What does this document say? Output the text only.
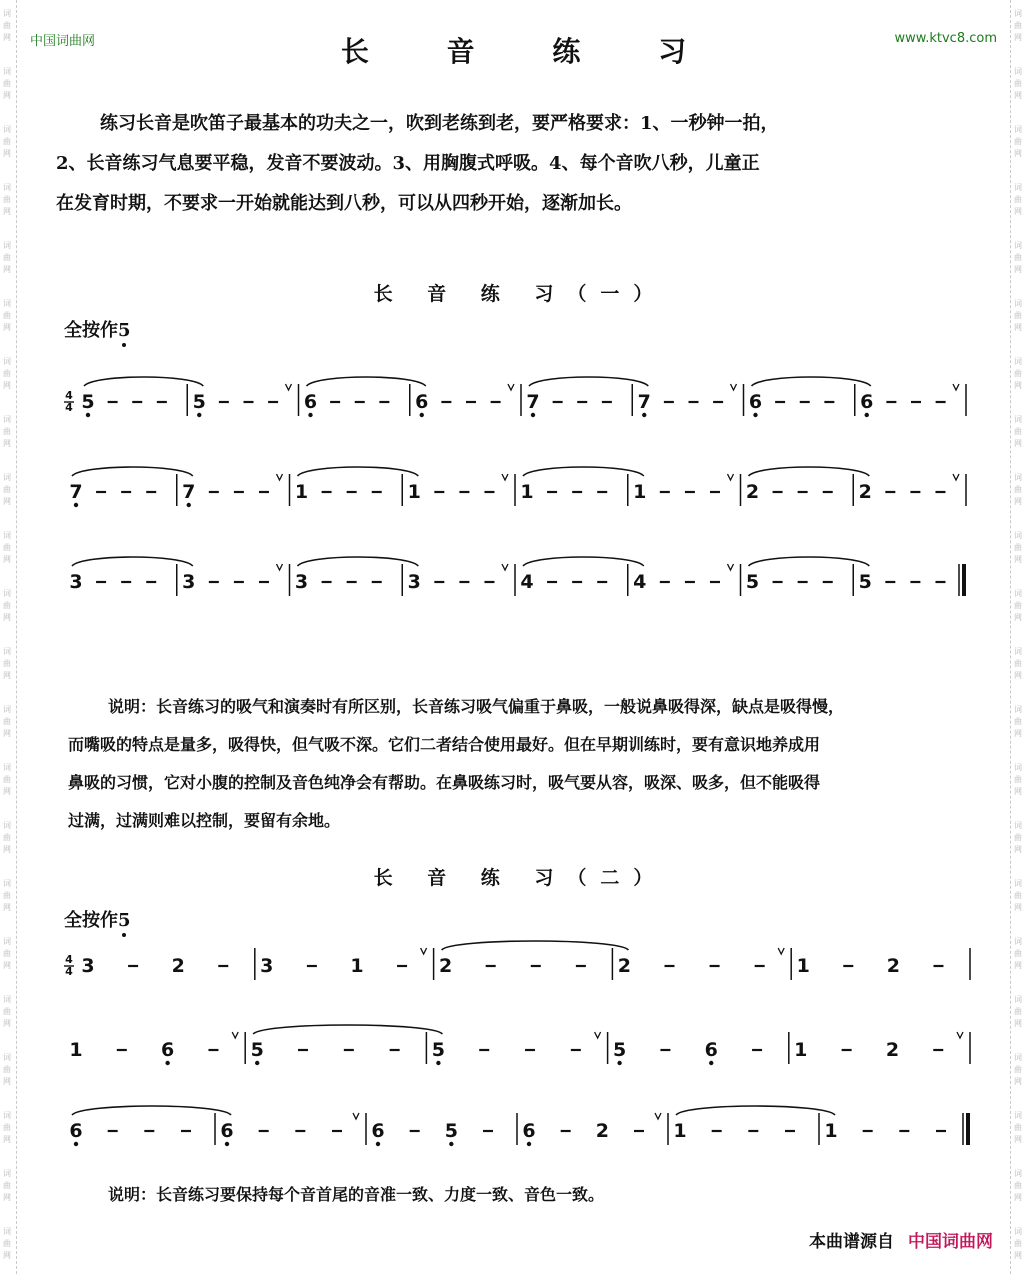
词
曲
网
词
曲
网
词
曲
网
词
曲
网
词
曲
网
词
曲
网
词
曲
网
词
曲
网
词
曲
网
词
曲
网
词
曲
网
词
曲
网
词
曲
网
词
曲
网
词
曲
网
词
曲
网
词
曲
网
词
曲
网
词
曲
网
词
曲
网
词
曲
网
词
曲
网
词
曲
网
词
曲
网
词
曲
网
词
曲
网
词
曲
网
词
曲
网
词
曲
网
词
曲
网
词
曲
网
词
曲
网
词
曲
网
词
曲
网
词
曲
网
词
曲
网
词
曲
网
词
曲
网
词
曲
网
词
曲
网
词
曲
网
词
曲
网
词
曲
网
词
曲
网
中国词曲网	www.ktvc8.com
长 音 练 习

练习长音是吹笛子最基本的功夫之一，吹到老练到老，要严格要求：1、一秒钟一拍，

2、长音练习气息要平稳，发音不要波动。3、用胸腹式呼吸。4、每个音吹八秒，儿童正

在发育时期，不要求一开始就能达到八秒，可以从四秒开始，逐渐加长。

长 音 练 习（一）
全按作5

说明：长音练习的吸气和演奏时有所区别，长音练习吸气偏重于鼻吸，一般说鼻吸得深，缺点是吸得慢，

而嘴吸的特点是量多，吸得快，但气吸不深。它们二者结合使用最好。但在早期训练时，要有意识地养成用

鼻吸的习惯，它对小腹的控制及音色纯净会有帮助。在鼻吸练习时，吸气要从容，吸深、吸多，但不能吸得

过满，过满则难以控制，要留有余地。

长 音 练 习（二）
全按作5
说明：长音练习要保持每个音首尾的音准一致、力度一致、音色一致。
本曲谱源自 中国词曲网
4
4 5	5	6	6	7	7	6	6
7	7	1	1	1	1	2	2
3	3	3	3	4	4	5	5
4
4 3	2	3	1	2	2	1	2
1	6	5	5	5	6	1	2
6	6	6	5	6	2	1	1
